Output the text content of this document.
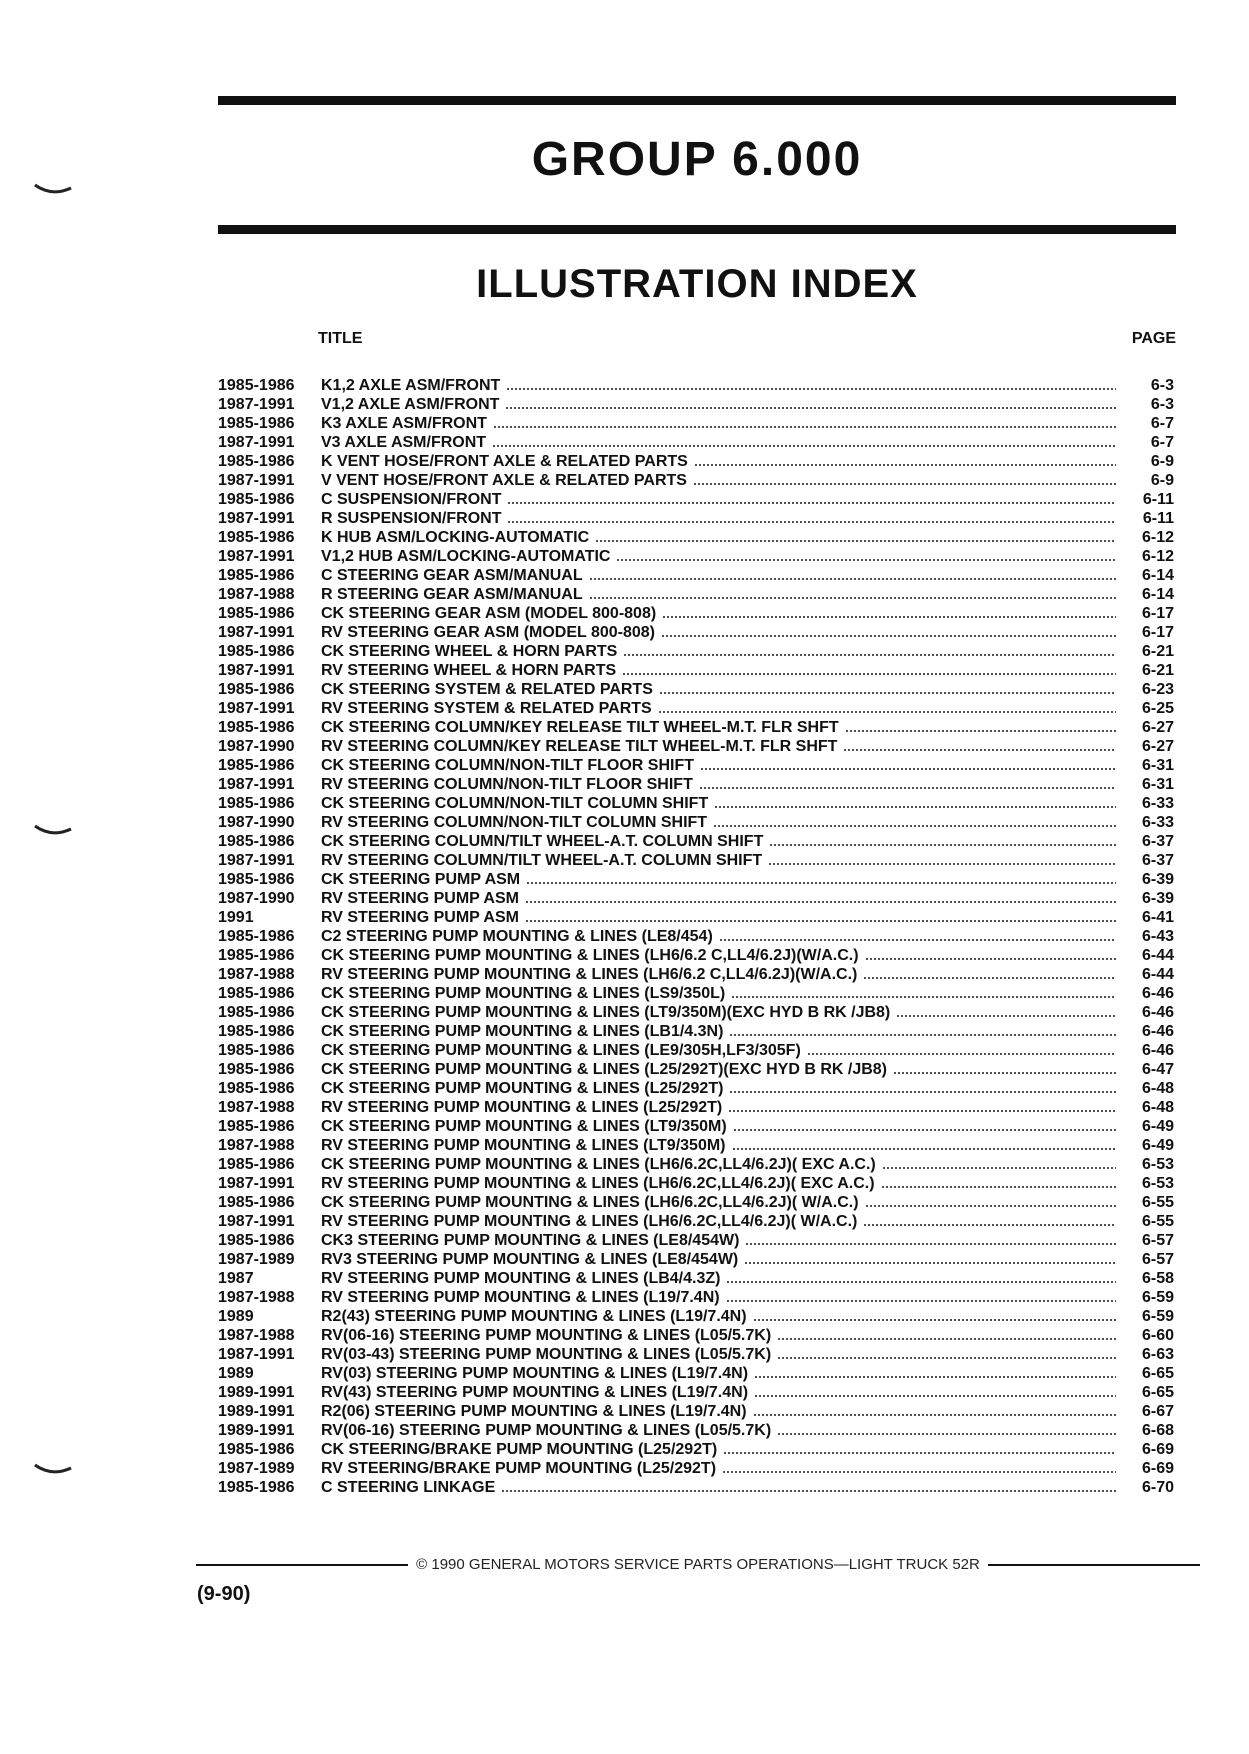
GROUP 6.000
ILLUSTRATION INDEX
TITLE	PAGE
1985-1986	K1,2 AXLE ASM/FRONT	6-3
1987-1991	V1,2 AXLE ASM/FRONT	6-3
1985-1986	K3 AXLE ASM/FRONT	6-7
1987-1991	V3 AXLE ASM/FRONT	6-7
1985-1986	K VENT HOSE/FRONT AXLE & RELATED PARTS	6-9
1987-1991	V VENT HOSE/FRONT AXLE & RELATED PARTS	6-9
1985-1986	C SUSPENSION/FRONT	6-11
1987-1991	R SUSPENSION/FRONT	6-11
1985-1986	K HUB ASM/LOCKING-AUTOMATIC	6-12
1987-1991	V1,2 HUB ASM/LOCKING-AUTOMATIC	6-12
1985-1986	C STEERING GEAR ASM/MANUAL	6-14
1987-1988	R STEERING GEAR ASM/MANUAL	6-14
1985-1986	CK STEERING GEAR ASM (MODEL 800-808)	6-17
1987-1991	RV STEERING GEAR ASM (MODEL 800-808)	6-17
1985-1986	CK STEERING WHEEL & HORN PARTS	6-21
1987-1991	RV STEERING WHEEL & HORN PARTS	6-21
1985-1986	CK STEERING SYSTEM & RELATED PARTS	6-23
1987-1991	RV STEERING SYSTEM & RELATED PARTS	6-25
1985-1986	CK STEERING COLUMN/KEY RELEASE TILT WHEEL-M.T. FLR SHFT	6-27
1987-1990	RV STEERING COLUMN/KEY RELEASE TILT WHEEL-M.T. FLR SHFT	6-27
1985-1986	CK STEERING COLUMN/NON-TILT FLOOR SHIFT	6-31
1987-1991	RV STEERING COLUMN/NON-TILT FLOOR SHIFT	6-31
1985-1986	CK STEERING COLUMN/NON-TILT COLUMN SHIFT	6-33
1987-1990	RV STEERING COLUMN/NON-TILT COLUMN SHIFT	6-33
1985-1986	CK STEERING COLUMN/TILT WHEEL-A.T. COLUMN SHIFT	6-37
1987-1991	RV STEERING COLUMN/TILT WHEEL-A.T. COLUMN SHIFT	6-37
1985-1986	CK STEERING PUMP ASM	6-39
1987-1990	RV STEERING PUMP ASM	6-39
1991	RV STEERING PUMP ASM	6-41
1985-1986	C2 STEERING PUMP MOUNTING & LINES (LE8/454)	6-43
1985-1986	CK STEERING PUMP MOUNTING & LINES (LH6/6.2 C,LL4/6.2J)(W/A.C.)	6-44
1987-1988	RV STEERING PUMP MOUNTING & LINES (LH6/6.2 C,LL4/6.2J)(W/A.C.)	6-44
1985-1986	CK STEERING PUMP MOUNTING & LINES (LS9/350L)	6-46
1985-1986	CK STEERING PUMP MOUNTING & LINES (LT9/350M)(EXC HYD B RK /JB8)	6-46
1985-1986	CK STEERING PUMP MOUNTING & LINES (LB1/4.3N)	6-46
1985-1986	CK STEERING PUMP MOUNTING & LINES (LE9/305H,LF3/305F)	6-46
1985-1986	CK STEERING PUMP MOUNTING & LINES (L25/292T)(EXC HYD B RK /JB8)	6-47
1985-1986	CK STEERING PUMP MOUNTING & LINES (L25/292T)	6-48
1987-1988	RV STEERING PUMP MOUNTING & LINES (L25/292T)	6-48
1985-1986	CK STEERING PUMP MOUNTING & LINES (LT9/350M)	6-49
1987-1988	RV STEERING PUMP MOUNTING & LINES (LT9/350M)	6-49
1985-1986	CK STEERING PUMP MOUNTING & LINES (LH6/6.2C,LL4/6.2J)( EXC A.C.)	6-53
1987-1991	RV STEERING PUMP MOUNTING & LINES (LH6/6.2C,LL4/6.2J)( EXC A.C.)	6-53
1985-1986	CK STEERING PUMP MOUNTING & LINES (LH6/6.2C,LL4/6.2J)( W/A.C.)	6-55
1987-1991	RV STEERING PUMP MOUNTING & LINES (LH6/6.2C,LL4/6.2J)( W/A.C.)	6-55
1985-1986	CK3 STEERING PUMP MOUNTING & LINES (LE8/454W)	6-57
1987-1989	RV3 STEERING PUMP MOUNTING & LINES (LE8/454W)	6-57
1987	RV STEERING PUMP MOUNTING & LINES (LB4/4.3Z)	6-58
1987-1988	RV STEERING PUMP MOUNTING & LINES (L19/7.4N)	6-59
1989	R2(43) STEERING PUMP MOUNTING & LINES (L19/7.4N)	6-59
1987-1988	RV(06-16) STEERING PUMP MOUNTING & LINES (L05/5.7K)	6-60
1987-1991	RV(03-43) STEERING PUMP MOUNTING & LINES (L05/5.7K)	6-63
1989	RV(03) STEERING PUMP MOUNTING & LINES (L19/7.4N)	6-65
1989-1991	RV(43) STEERING PUMP MOUNTING & LINES (L19/7.4N)	6-65
1989-1991	R2(06) STEERING PUMP MOUNTING & LINES (L19/7.4N)	6-67
1989-1991	RV(06-16) STEERING PUMP MOUNTING & LINES (L05/5.7K)	6-68
1985-1986	CK STEERING/BRAKE PUMP MOUNTING (L25/292T)	6-69
1987-1989	RV STEERING/BRAKE PUMP MOUNTING (L25/292T)	6-69
1985-1986	C STEERING LINKAGE	6-70
© 1990 GENERAL MOTORS SERVICE PARTS OPERATIONS—LIGHT TRUCK 52R
(9-90)
